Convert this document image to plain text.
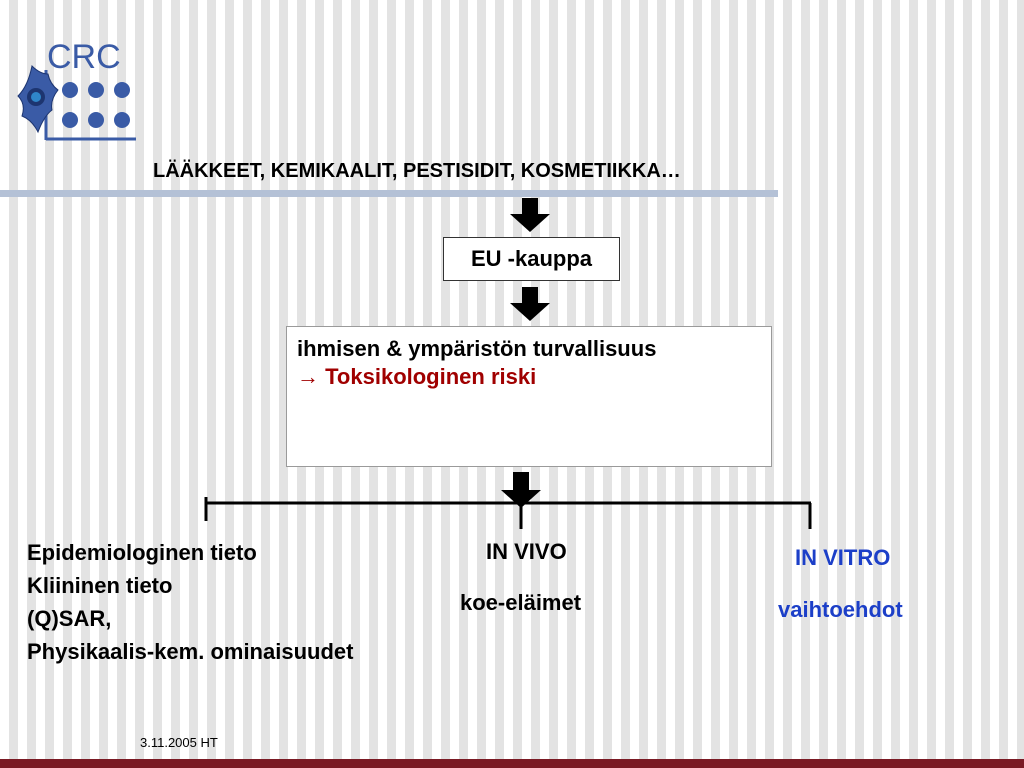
CRC
LÄÄKKEET, KEMIKAALIT, PESTISIDIT, KOSMETIIKKA…
EU -kauppa
ihmisen & ympäristön turvallisuus
→ Toksikologinen riski
Epidemiologinen tieto
Kliininen tieto
(Q)SAR,
Physikaalis-kem. ominaisuudet
IN VIVO
koe-eläimet
IN VITRO
vaihtoehdot
3.11.2005 HT
